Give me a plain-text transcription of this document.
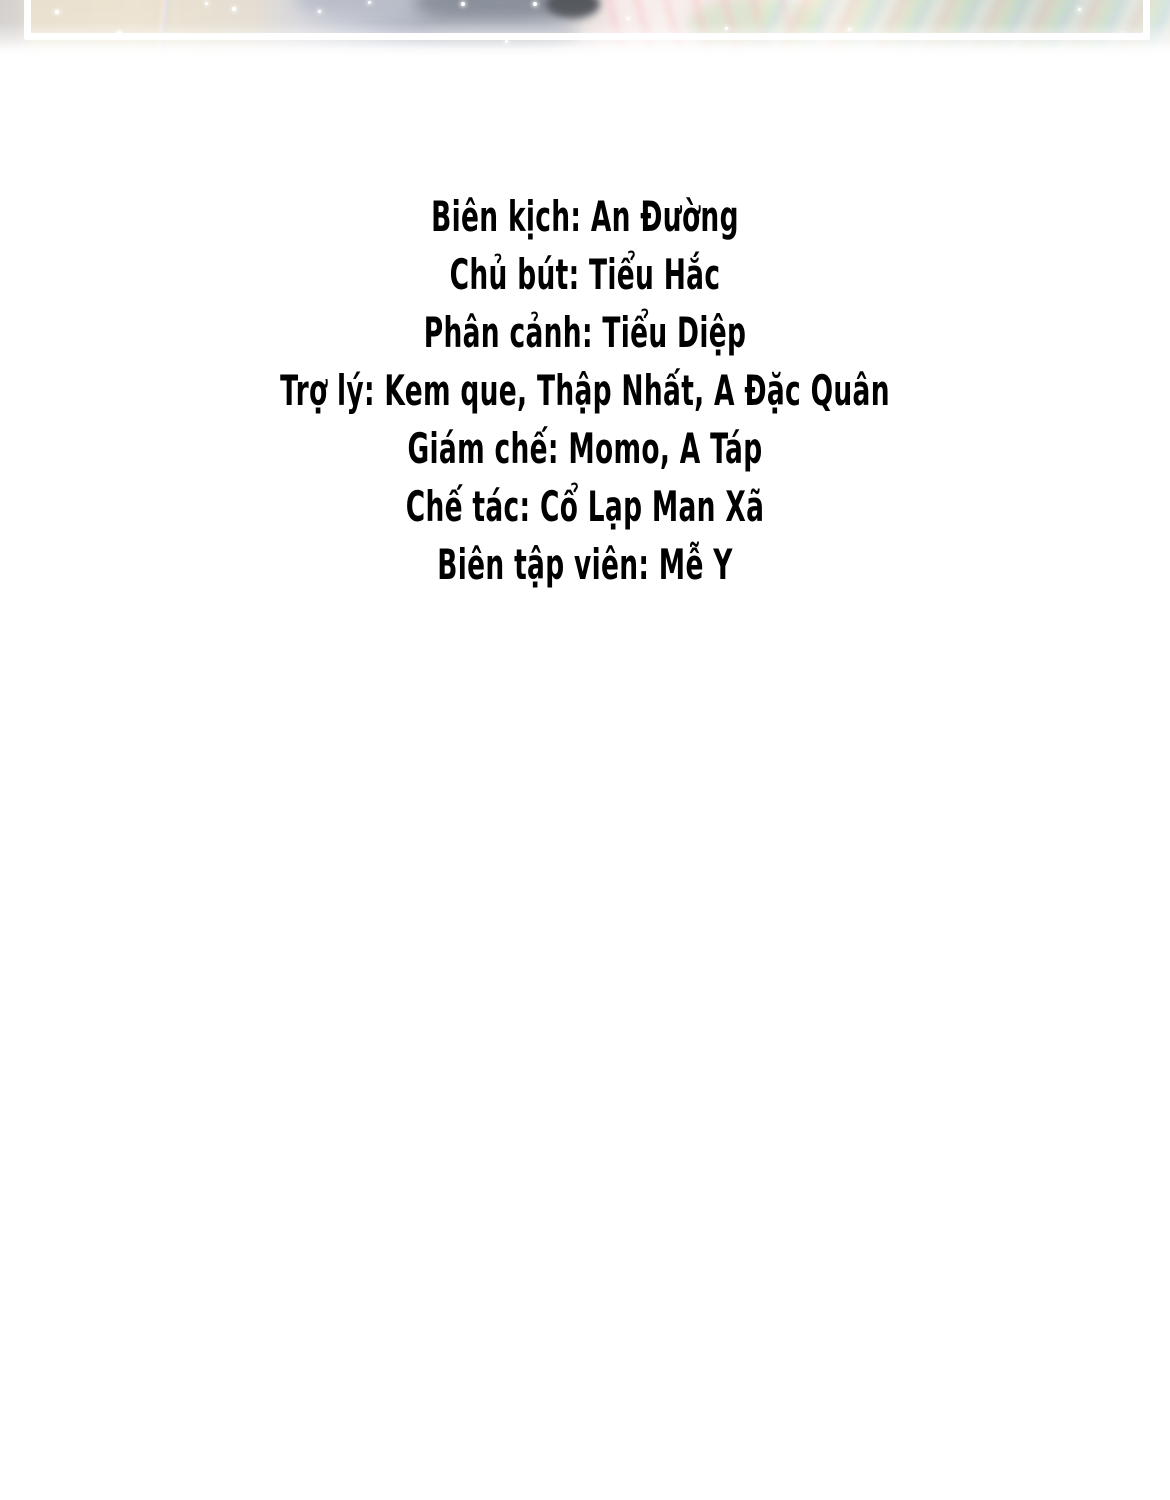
Biên kịch: An Đường
Chủ bút: Tiểu Hắc
Phân cảnh: Tiểu Diệp
Trợ lý: Kem que, Thập Nhất, A Đặc Quân
Giám chế: Momo, A Táp
Chế tác: Cổ Lạp Man Xã
Biên tập viên: Mễ Y
